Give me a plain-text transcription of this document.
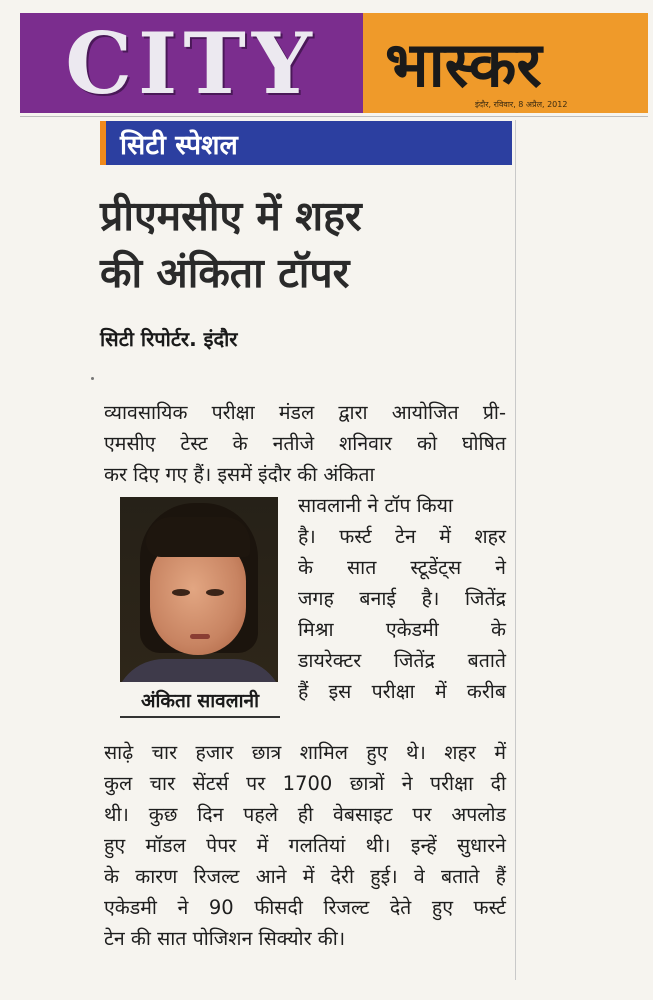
CITY	भास्कर
इंदौर, रविवार, 8 अप्रैल, 2012
सिटी स्पेशल
प्रीएमसीए में शहर
की अंकिता टॉपर
सिटी रिपोर्टर. इंदौर
व्यावसायिक परीक्षा मंडल द्वारा आयोजित प्री-
एमसीए टेस्ट के नतीजे शनिवार को घोषित
कर दिए गए हैं। इसमें इंदौर की अंकिता
अंकिता सावलानी
सावलानी ने टॉप किया
है। फर्स्ट टेन में शहर
के सात स्टूडेंट्स ने
जगह बनाई है। जितेंद्र
मिश्रा एकेडमी के
डायरेक्टर जितेंद्र बताते
हैं इस परीक्षा में करीब
साढ़े चार हजार छात्र शामिल हुए थे। शहर में
कुल चार सेंटर्स पर 1700 छात्रों ने परीक्षा दी
थी। कुछ दिन पहले ही वेबसाइट पर अपलोड
हुए मॉडल पेपर में गलतियां थी। इन्हें सुधारने
के कारण रिजल्ट आने में देरी हुई। वे बताते हैं
एकेडमी ने 90 फीसदी रिजल्ट देते हुए फर्स्ट
टेन की सात पोजिशन सिक्योर की।
